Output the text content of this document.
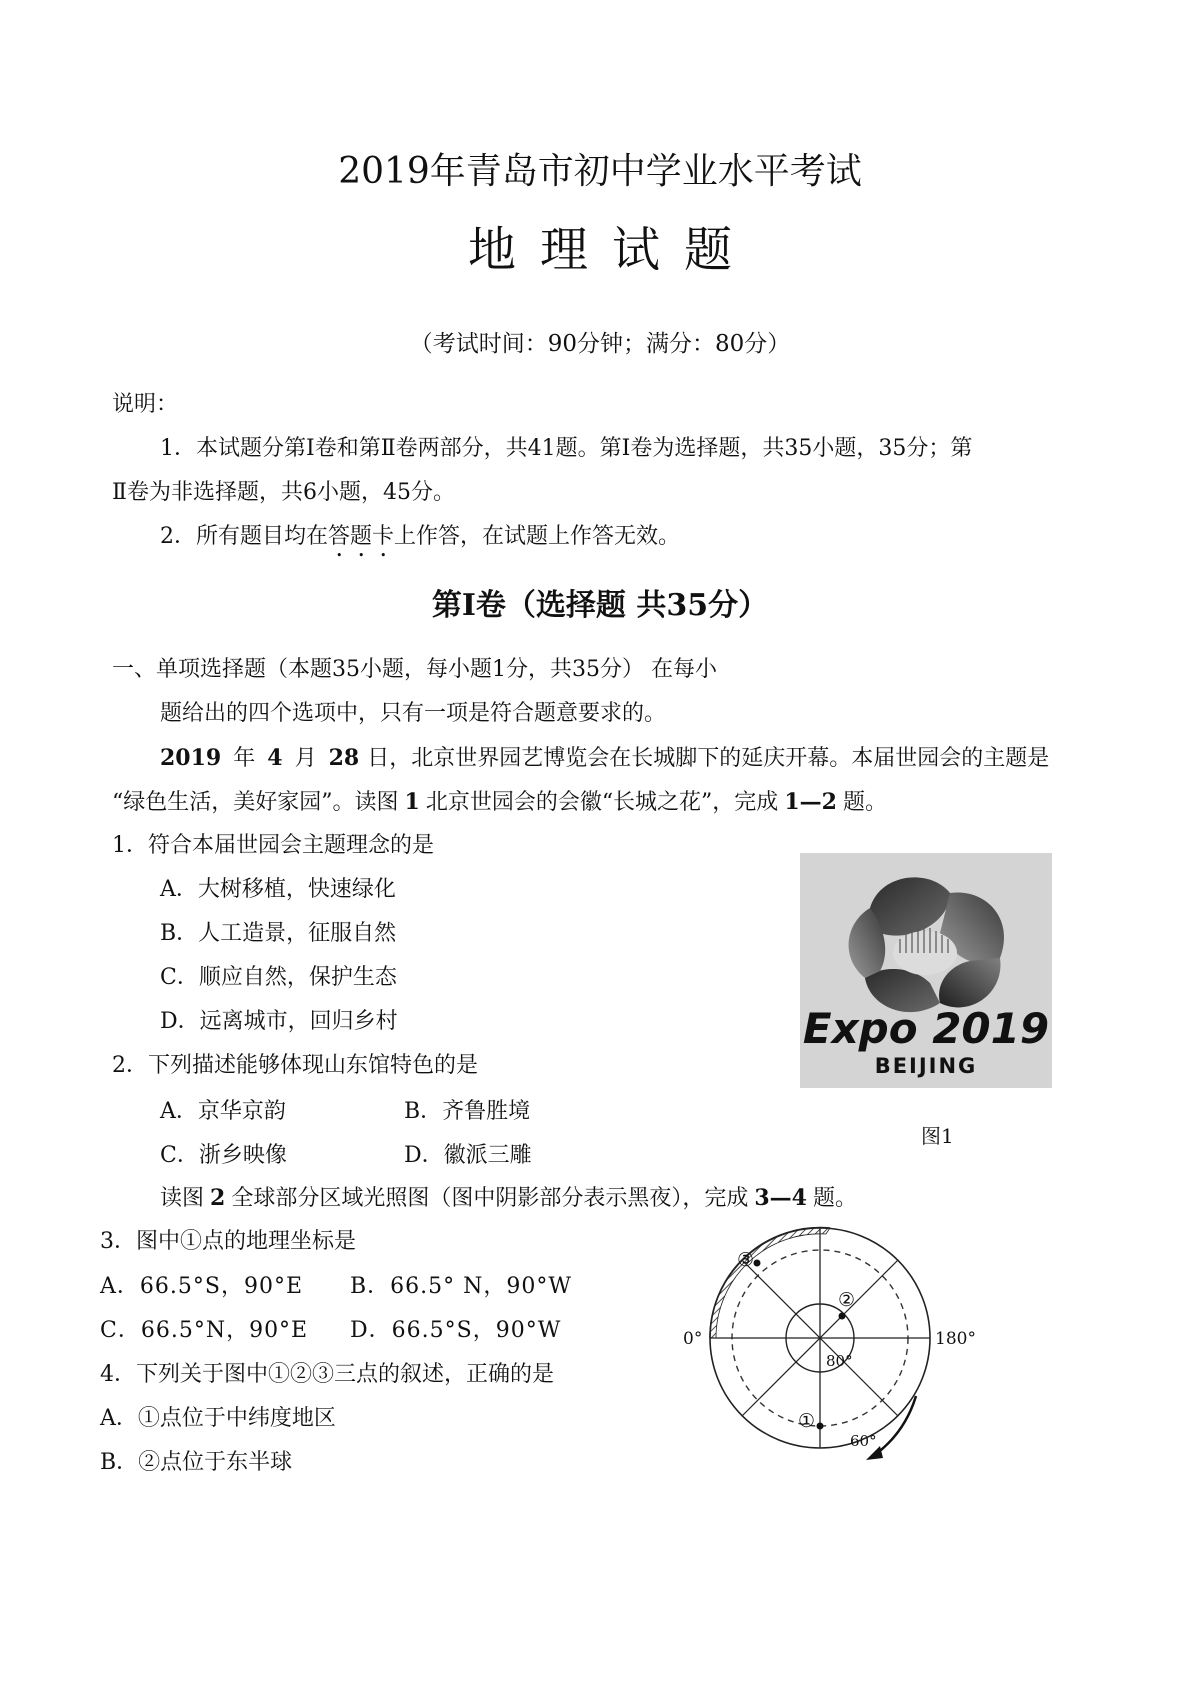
2019年青岛市初中学业水平考试
地理试题
（考试时间：90分钟；满分：80分）
说明：
1．本试题分第Ⅰ卷和第Ⅱ卷两部分，共41题。第Ⅰ卷为选择题，共35小题，35分；第
Ⅱ卷为非选择题，共6小题，45分。
2．所有题目均在答题卡上作答，在试题上作答无效。
第Ⅰ卷（选择题 共35分）
一、单项选择题（本题35小题，每小题1分，共35分） 在每小
题给出的四个选项中，只有一项是符合题意要求的。
2019 年 4 月 28 日，北京世界园艺博览会在长城脚下的延庆开幕。本届世园会的主题是
“绿色生活，美好家园”。读图 1 北京世园会的会徽“长城之花”，完成 1—2 题。
1．符合本届世园会主题理念的是
A．大树移植，快速绿化
B．人工造景，征服自然
C．顺应自然，保护生态
D．远离城市，回归乡村
2．下列描述能够体现山东馆特色的是
A．京华京韵	B．齐鲁胜境
C．浙乡映像	D．徽派三雕
Expo 2019
BEIJING
图1
读图 2 全球部分区域光照图（图中阴影部分表示黑夜），完成 3—4 题。
3．图中①点的地理坐标是
A．66.5°S，90°E B．66.5° N，90°W
C．66.5°N，90°E D．66.5°S，90°W
4．下列关于图中①②③三点的叙述，正确的是
A．①点位于中纬度地区
B．②点位于东半球
③
②
①
0°	180°
80°
60°
